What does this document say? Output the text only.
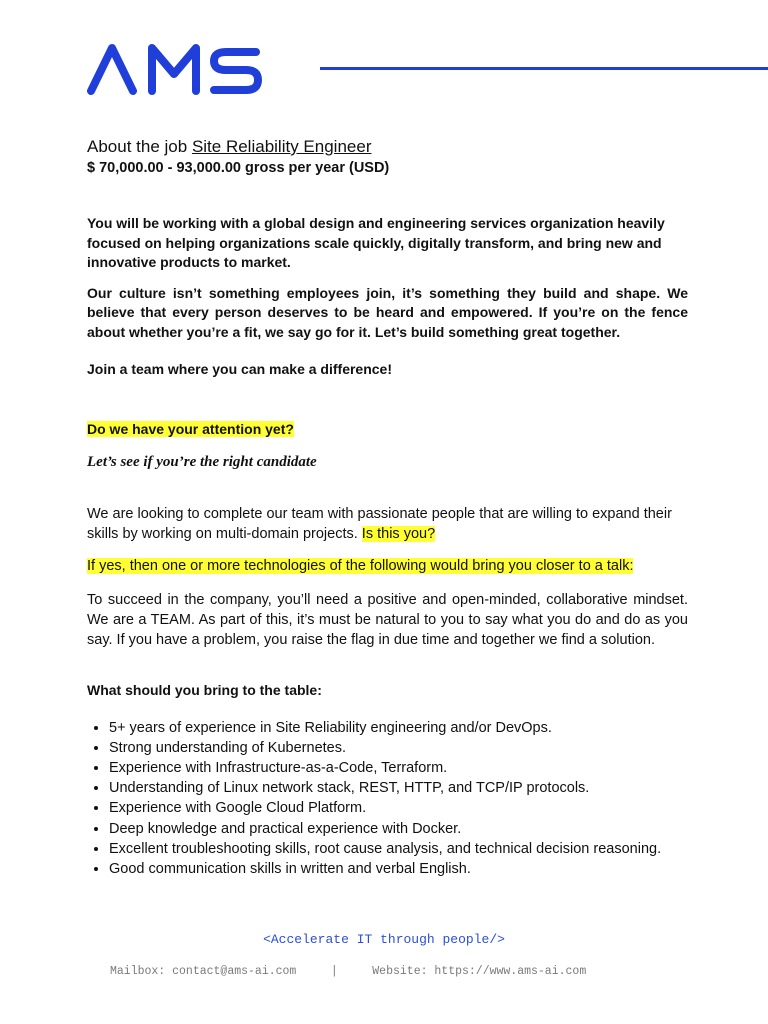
About the job Site Reliability Engineer

$ 70,000.00 - 93,000.00 gross per year (USD)

You will be working with a global design and engineering services organization heavily focused on helping organizations scale quickly, digitally transform, and bring new and innovative products to market.

Our culture isn’t something employees join, it’s something they build and shape. We believe that every person deserves to be heard and empowered. If you’re on the fence about whether you’re a fit, we say go for it. Let’s build something great together.

Join a team where you can make a difference!

Do we have your attention yet?

Let’s see if you’re the right candidate

We are looking to complete our team with passionate people that are willing to expand their skills by working on multi-domain projects. Is this you?

If yes, then one or more technologies of the following would bring you closer to a talk:

To succeed in the company, you’ll need a positive and open-minded, collaborative mindset. We are a TEAM. As part of this, it’s must be natural to you to say what you do and do as you say. If you have a problem, you raise the flag in due time and together we find a solution.

What should you bring to the table:

• 5+ years of experience in Site Reliability engineering and/or DevOps.
• Strong understanding of Kubernetes.
• Experience with Infrastructure-as-a-Code, Terraform.
• Understanding of Linux network stack, REST, HTTP, and TCP/IP protocols.
• Experience with Google Cloud Platform.
• Deep knowledge and practical experience with Docker.
• Excellent troubleshooting skills, root cause analysis, and technical decision reasoning.
• Good communication skills in written and verbal English.
<Accelerate IT through people/>
Mailbox: contact@ams-ai.com	|	Website: https://www.ams-ai.com
